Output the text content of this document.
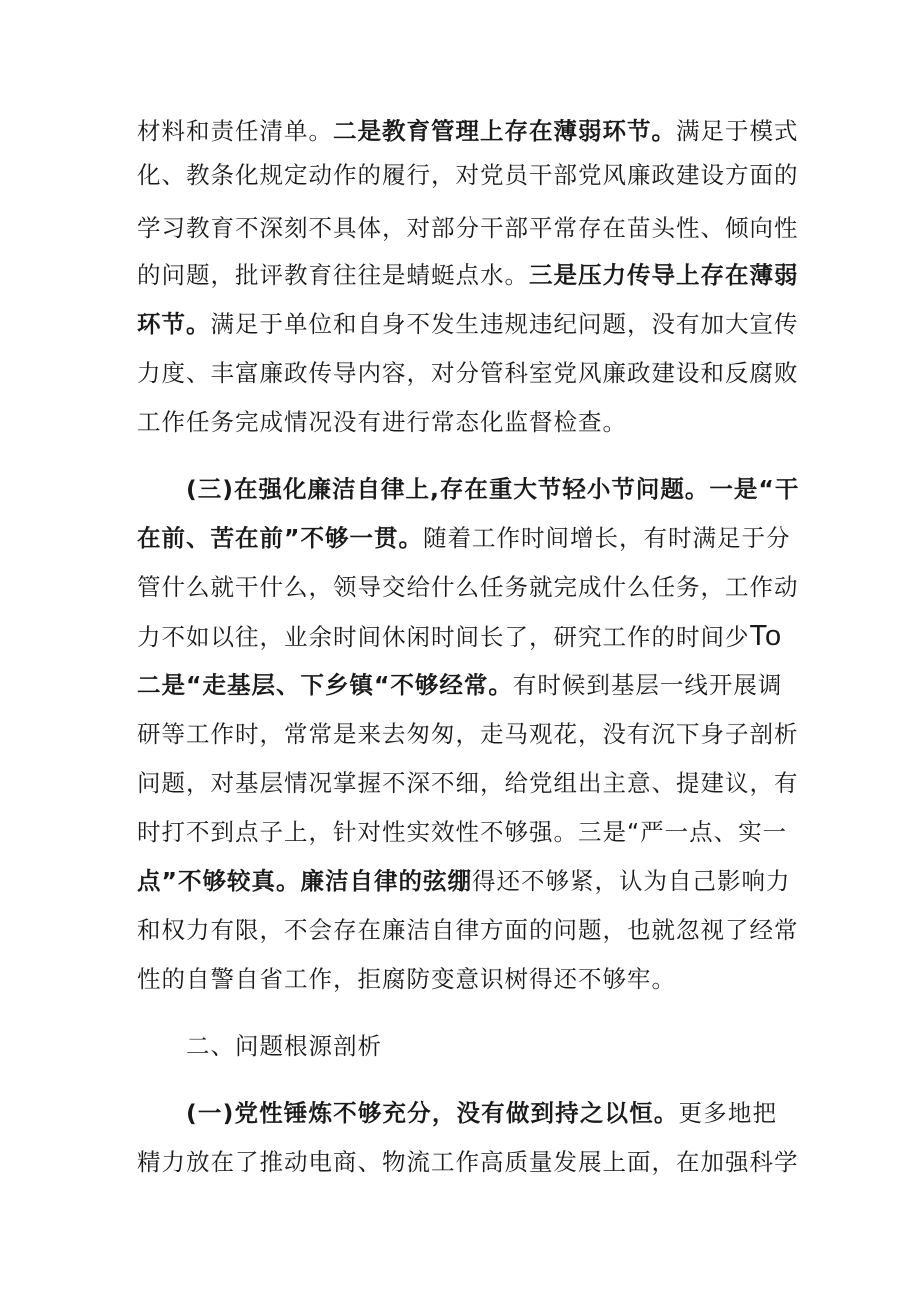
材料和责任清单。二是教育管理上存在薄弱环节。满足于模式
化、教条化规定动作的履行，对党员干部党风廉政建设方面的
学习教育不深刻不具体，对部分干部平常存在苗头性、倾向性
的问题，批评教育往往是蜻蜓点水。三是压力传导上存在薄弱
环节。满足于单位和自身不发生违规违纪问题，没有加大宣传
力度、丰富廉政传导内容，对分管科室党风廉政建设和反腐败
工作任务完成情况没有进行常态化监督检查。
(三)在强化廉洁自律上,存在重大节轻小节问题。一是“干
在前、苦在前”不够一贯。随着工作时间增长，有时满足于分
管什么就干什么，领导交给什么任务就完成什么任务，工作动
力不如以往，业余时间休闲时间长了，研究工作的时间少To
二是“走基层、下乡镇“不够经常。有时候到基层一线开展调
研等工作时，常常是来去匆匆，走马观花，没有沉下身子剖析
问题，对基层情况掌握不深不细，给党组出主意、提建议，有
时打不到点子上，针对性实效性不够强。三是“严一点、实一
点”不够较真。廉洁自律的弦绷得还不够紧，认为自己影响力
和权力有限，不会存在廉洁自律方面的问题，也就忽视了经常
性的自警自省工作，拒腐防变意识树得还不够牢。
二、问题根源剖析
(一)党性锤炼不够充分，没有做到持之以恒。更多地把
精力放在了推动电商、物流工作高质量发展上面，在加强科学
